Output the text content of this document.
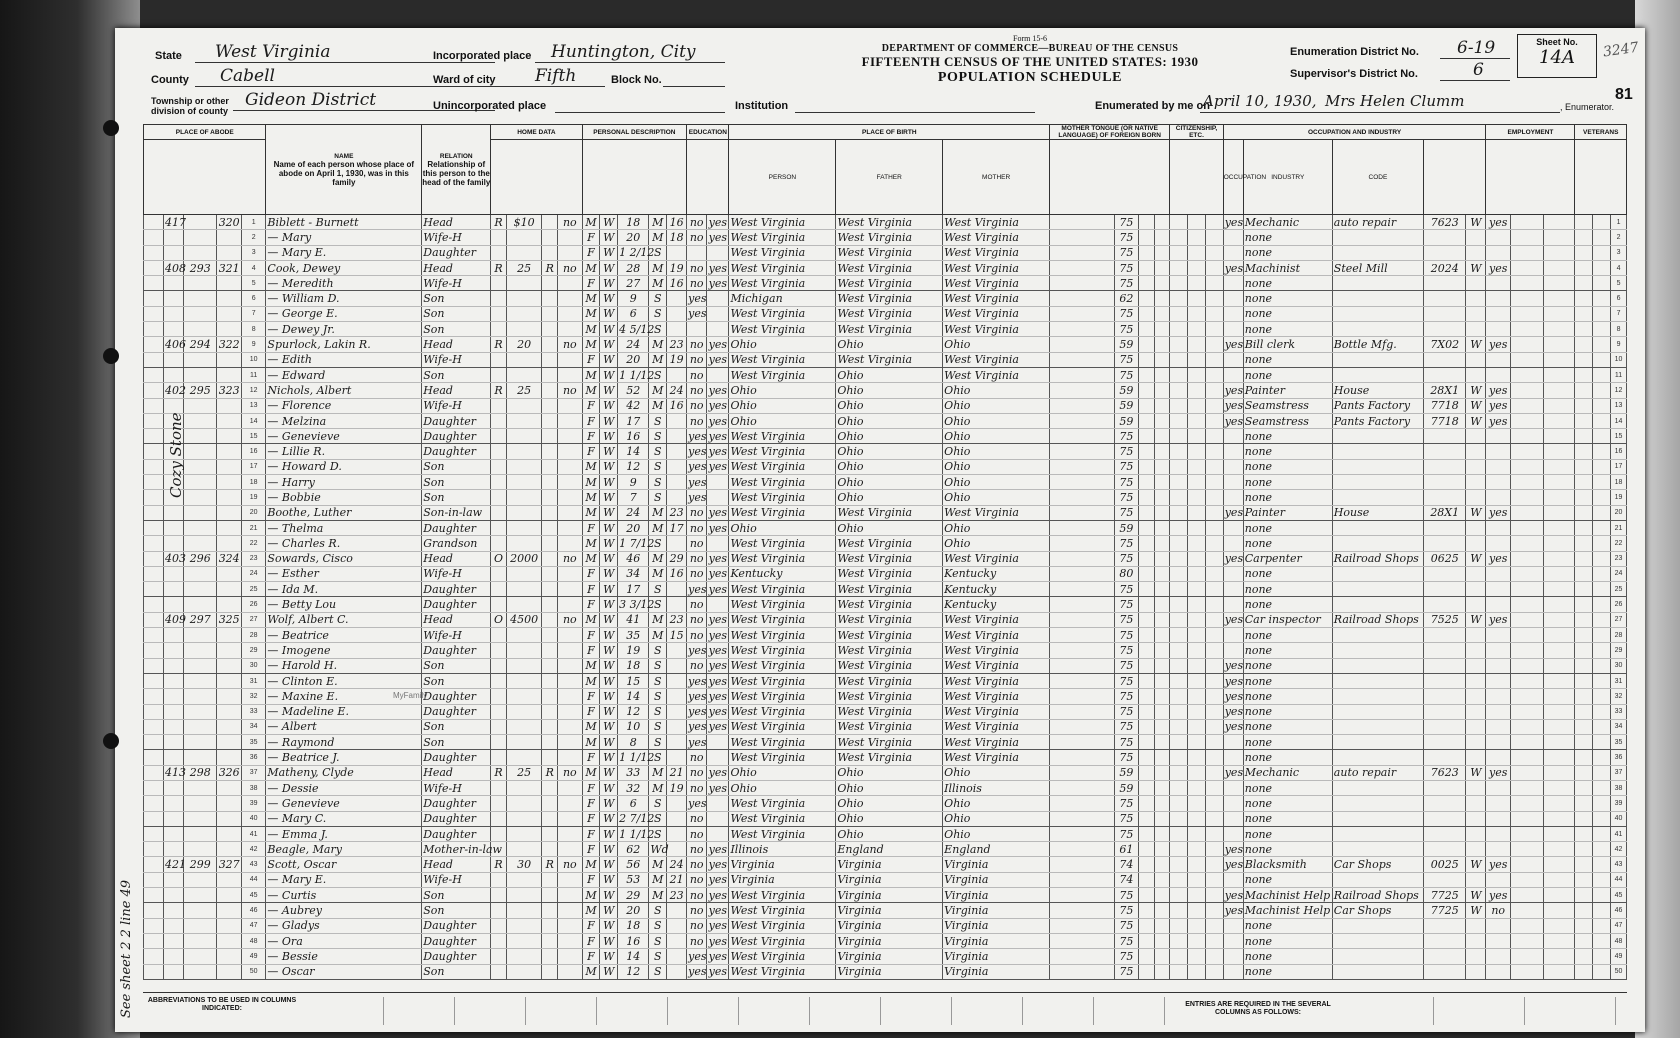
State West Virginia
County Cabell
Township or other division of county
Gideon District
Incorporated place Huntington, City
Ward of city Fifth	Block No.
Unincorporated place
Form 15-6
DEPARTMENT OF COMMERCE—BUREAU OF THE CENSUS
FIFTEENTH CENSUS OF THE UNITED STATES: 1930
POPULATION SCHEDULE
Institution
Enumeration District No. 6-19
Supervisor's District No.	6
Enumerated by me on
April 10, 1930, Mrs Helen Clumm	, Enumerator.
Sheet No.
14A	3247
81
PLACE OF ABODE					NAME
Name of each person whose place of abode on April 1, 1930, was in this family	RELATION
Relationship of this person to the head of the family	HOME DATA				PERSONAL DESCRIPTION					EDUCATION		PLACE OF BIRTH			MOTHER TONGUE (OR NATIVE LANGUAGE) OF FOREIGN BORN				CITIZENSHIP, ETC.			OCCUPATION AND INDUSTRY					EMPLOYMENT			VETERANS		
																		PERSON	FATHER	MOTHER								OCCUPATION	INDUSTRY	CODE								
	417		320	1	Biblett - Burnett	Head	R	$10		no	M	W	18	M	16	no	yes	West Virginia	West Virginia	West Virginia		75						yes	Mechanic	auto repair	7623	W	yes					1
				2	— Mary	Wife-H					F	W	20	M	18	no	yes	West Virginia	West Virginia	West Virginia		75							none									2
				3	— Mary E.	Daughter					F	W	1 2/12	S				West Virginia	West Virginia	West Virginia		75							none									3
	408	293	321	4	Cook, Dewey	Head	R	25	R	no	M	W	28	M	19	no	yes	West Virginia	West Virginia	West Virginia		75						yes	Machinist	Steel Mill	2024	W	yes					4
				5	— Meredith	Wife-H					F	W	27	M	16	no	yes	West Virginia	West Virginia	West Virginia		75							none									5
				6	— William D.	Son					M	W	9	S		yes		Michigan	West Virginia	West Virginia		62							none									6
				7	— George E.	Son					M	W	6	S		yes		West Virginia	West Virginia	West Virginia		75							none									7
				8	— Dewey Jr.	Son					M	W	4 5/12	S				West Virginia	West Virginia	West Virginia		75							none									8
	406	294	322	9	Spurlock, Lakin R.	Head	R	20		no	M	W	24	M	23	no	yes	Ohio	Ohio	Ohio		59						yes	Bill clerk	Bottle Mfg.	7X02	W	yes					9
				10	— Edith	Wife-H					F	W	20	M	19	no	yes	West Virginia	West Virginia	West Virginia		75							none									10
				11	— Edward	Son					M	W	1 1/12	S		no		West Virginia	Ohio	West Virginia		75							none									11
	402	295	323	12	Nichols, Albert	Head	R	25		no	M	W	52	M	24	no	yes	Ohio	Ohio	Ohio		59						yes	Painter	House	28X1	W	yes					12
				13	— Florence	Wife-H					F	W	42	M	16	no	yes	Ohio	Ohio	Ohio		59						yes	Seamstress	Pants Factory	7718	W	yes					13
				14	— Melzina	Daughter					F	W	17	S		no	yes	Ohio	Ohio	Ohio		59						yes	Seamstress	Pants Factory	7718	W	yes					14
				15	— Genevieve	Daughter					F	W	16	S		yes	yes	West Virginia	Ohio	Ohio		75							none									15
				16	— Lillie R.	Daughter					F	W	14	S		yes	yes	West Virginia	Ohio	Ohio		75							none									16
				17	— Howard D.	Son					M	W	12	S		yes	yes	West Virginia	Ohio	Ohio		75							none									17
				18	— Harry	Son					M	W	9	S		yes		West Virginia	Ohio	Ohio		75							none									18
				19	— Bobbie	Son					M	W	7	S		yes		West Virginia	Ohio	Ohio		75							none									19
				20	Boothe, Luther	Son-in-law					M	W	24	M	23	no	yes	West Virginia	West Virginia	West Virginia		75						yes	Painter	House	28X1	W	yes					20
				21	— Thelma	Daughter					F	W	20	M	17	no	yes	Ohio	Ohio	Ohio		59							none									21
				22	— Charles R.	Grandson					M	W	1 7/12	S		no		West Virginia	West Virginia	Ohio		75							none									22
	403	296	324	23	Sowards, Cisco	Head	O	2000		no	M	W	46	M	29	no	yes	West Virginia	West Virginia	West Virginia		75						yes	Carpenter	Railroad Shops	0625	W	yes					23
				24	— Esther	Wife-H					F	W	34	M	16	no	yes	Kentucky	West Virginia	Kentucky		80							none									24
				25	— Ida M.	Daughter					F	W	17	S		yes	yes	West Virginia	West Virginia	Kentucky		75							none									25
				26	— Betty Lou	Daughter					F	W	3 3/12	S		no		West Virginia	West Virginia	Kentucky		75							none									26
	409	297	325	27	Wolf, Albert C.	Head	O	4500		no	M	W	41	M	23	no	yes	West Virginia	West Virginia	West Virginia		75						yes	Car inspector	Railroad Shops	7525	W	yes					27
				28	— Beatrice	Wife-H					F	W	35	M	15	no	yes	West Virginia	West Virginia	West Virginia		75							none									28
				29	— Imogene	Daughter					F	W	19	S		yes	yes	West Virginia	West Virginia	West Virginia		75							none									29
				30	— Harold H.	Son					M	W	18	S		no	yes	West Virginia	West Virginia	West Virginia		75						yes	none									30
				31	— Clinton E.	Son					M	W	15	S		yes	yes	West Virginia	West Virginia	West Virginia		75						yes	none									31
				32	— Maxine E.	Daughter					F	W	14	S		yes	yes	West Virginia	West Virginia	West Virginia		75						yes	none									32
				33	— Madeline E.	Daughter					F	W	12	S		yes	yes	West Virginia	West Virginia	West Virginia		75						yes	none									33
				34	— Albert	Son					M	W	10	S		yes	yes	West Virginia	West Virginia	West Virginia		75						yes	none									34
				35	— Raymond	Son					M	W	8	S		yes		West Virginia	West Virginia	West Virginia		75							none									35
				36	— Beatrice J.	Daughter					F	W	1 1/12	S		no		West Virginia	West Virginia	West Virginia		75							none									36
	413	298	326	37	Matheny, Clyde	Head	R	25	R	no	M	W	33	M	21	no	yes	Ohio	Ohio	Ohio		59						yes	Mechanic	auto repair	7623	W	yes					37
				38	— Dessie	Wife-H					F	W	32	M	19	no	yes	Ohio	Ohio	Illinois		59							none									38
				39	— Genevieve	Daughter					F	W	6	S		yes		West Virginia	Ohio	Ohio		75							none									39
				40	— Mary C.	Daughter					F	W	2 7/12	S		no		West Virginia	Ohio	Ohio		75							none									40
				41	— Emma J.	Daughter					F	W	1 1/12	S		no		West Virginia	Ohio	Ohio		75							none									41
				42	Beagle, Mary	Mother-in-law					F	W	62	Wd		no	yes	Illinois	England	England		61						yes	none									42
	421	299	327	43	Scott, Oscar	Head	R	30	R	no	M	W	56	M	24	no	yes	Virginia	Virginia	Virginia		74						yes	Blacksmith	Car Shops	0025	W	yes					43
				44	— Mary E.	Wife-H					F	W	53	M	21	no	yes	Virginia	Virginia	Virginia		74							none									44
				45	— Curtis	Son					M	W	29	M	23	no	yes	West Virginia	Virginia	Virginia		75						yes	Machinist Help	Railroad Shops	7725	W	yes					45
				46	— Aubrey	Son					M	W	20	S		no	yes	West Virginia	Virginia	Virginia		75						yes	Machinist Help	Car Shops	7725	W	no					46
				47	— Gladys	Daughter					F	W	18	S		no	yes	West Virginia	Virginia	Virginia		75							none									47
				48	— Ora	Daughter					F	W	16	S		no	yes	West Virginia	Virginia	Virginia		75							none									48
				49	— Bessie	Daughter					F	W	14	S		yes	yes	West Virginia	Virginia	Virginia		75							none									49
				50	— Oscar	Son					M	W	12	S		yes	yes	West Virginia	Virginia	Virginia		75							none									50
Cozy Stone
See sheet 2 2 line 49
MyFamily
ABBREVIATIONS TO BE USED IN COLUMNS INDICATED:
ENTRIES ARE REQUIRED IN THE SEVERAL COLUMNS AS FOLLOWS:
